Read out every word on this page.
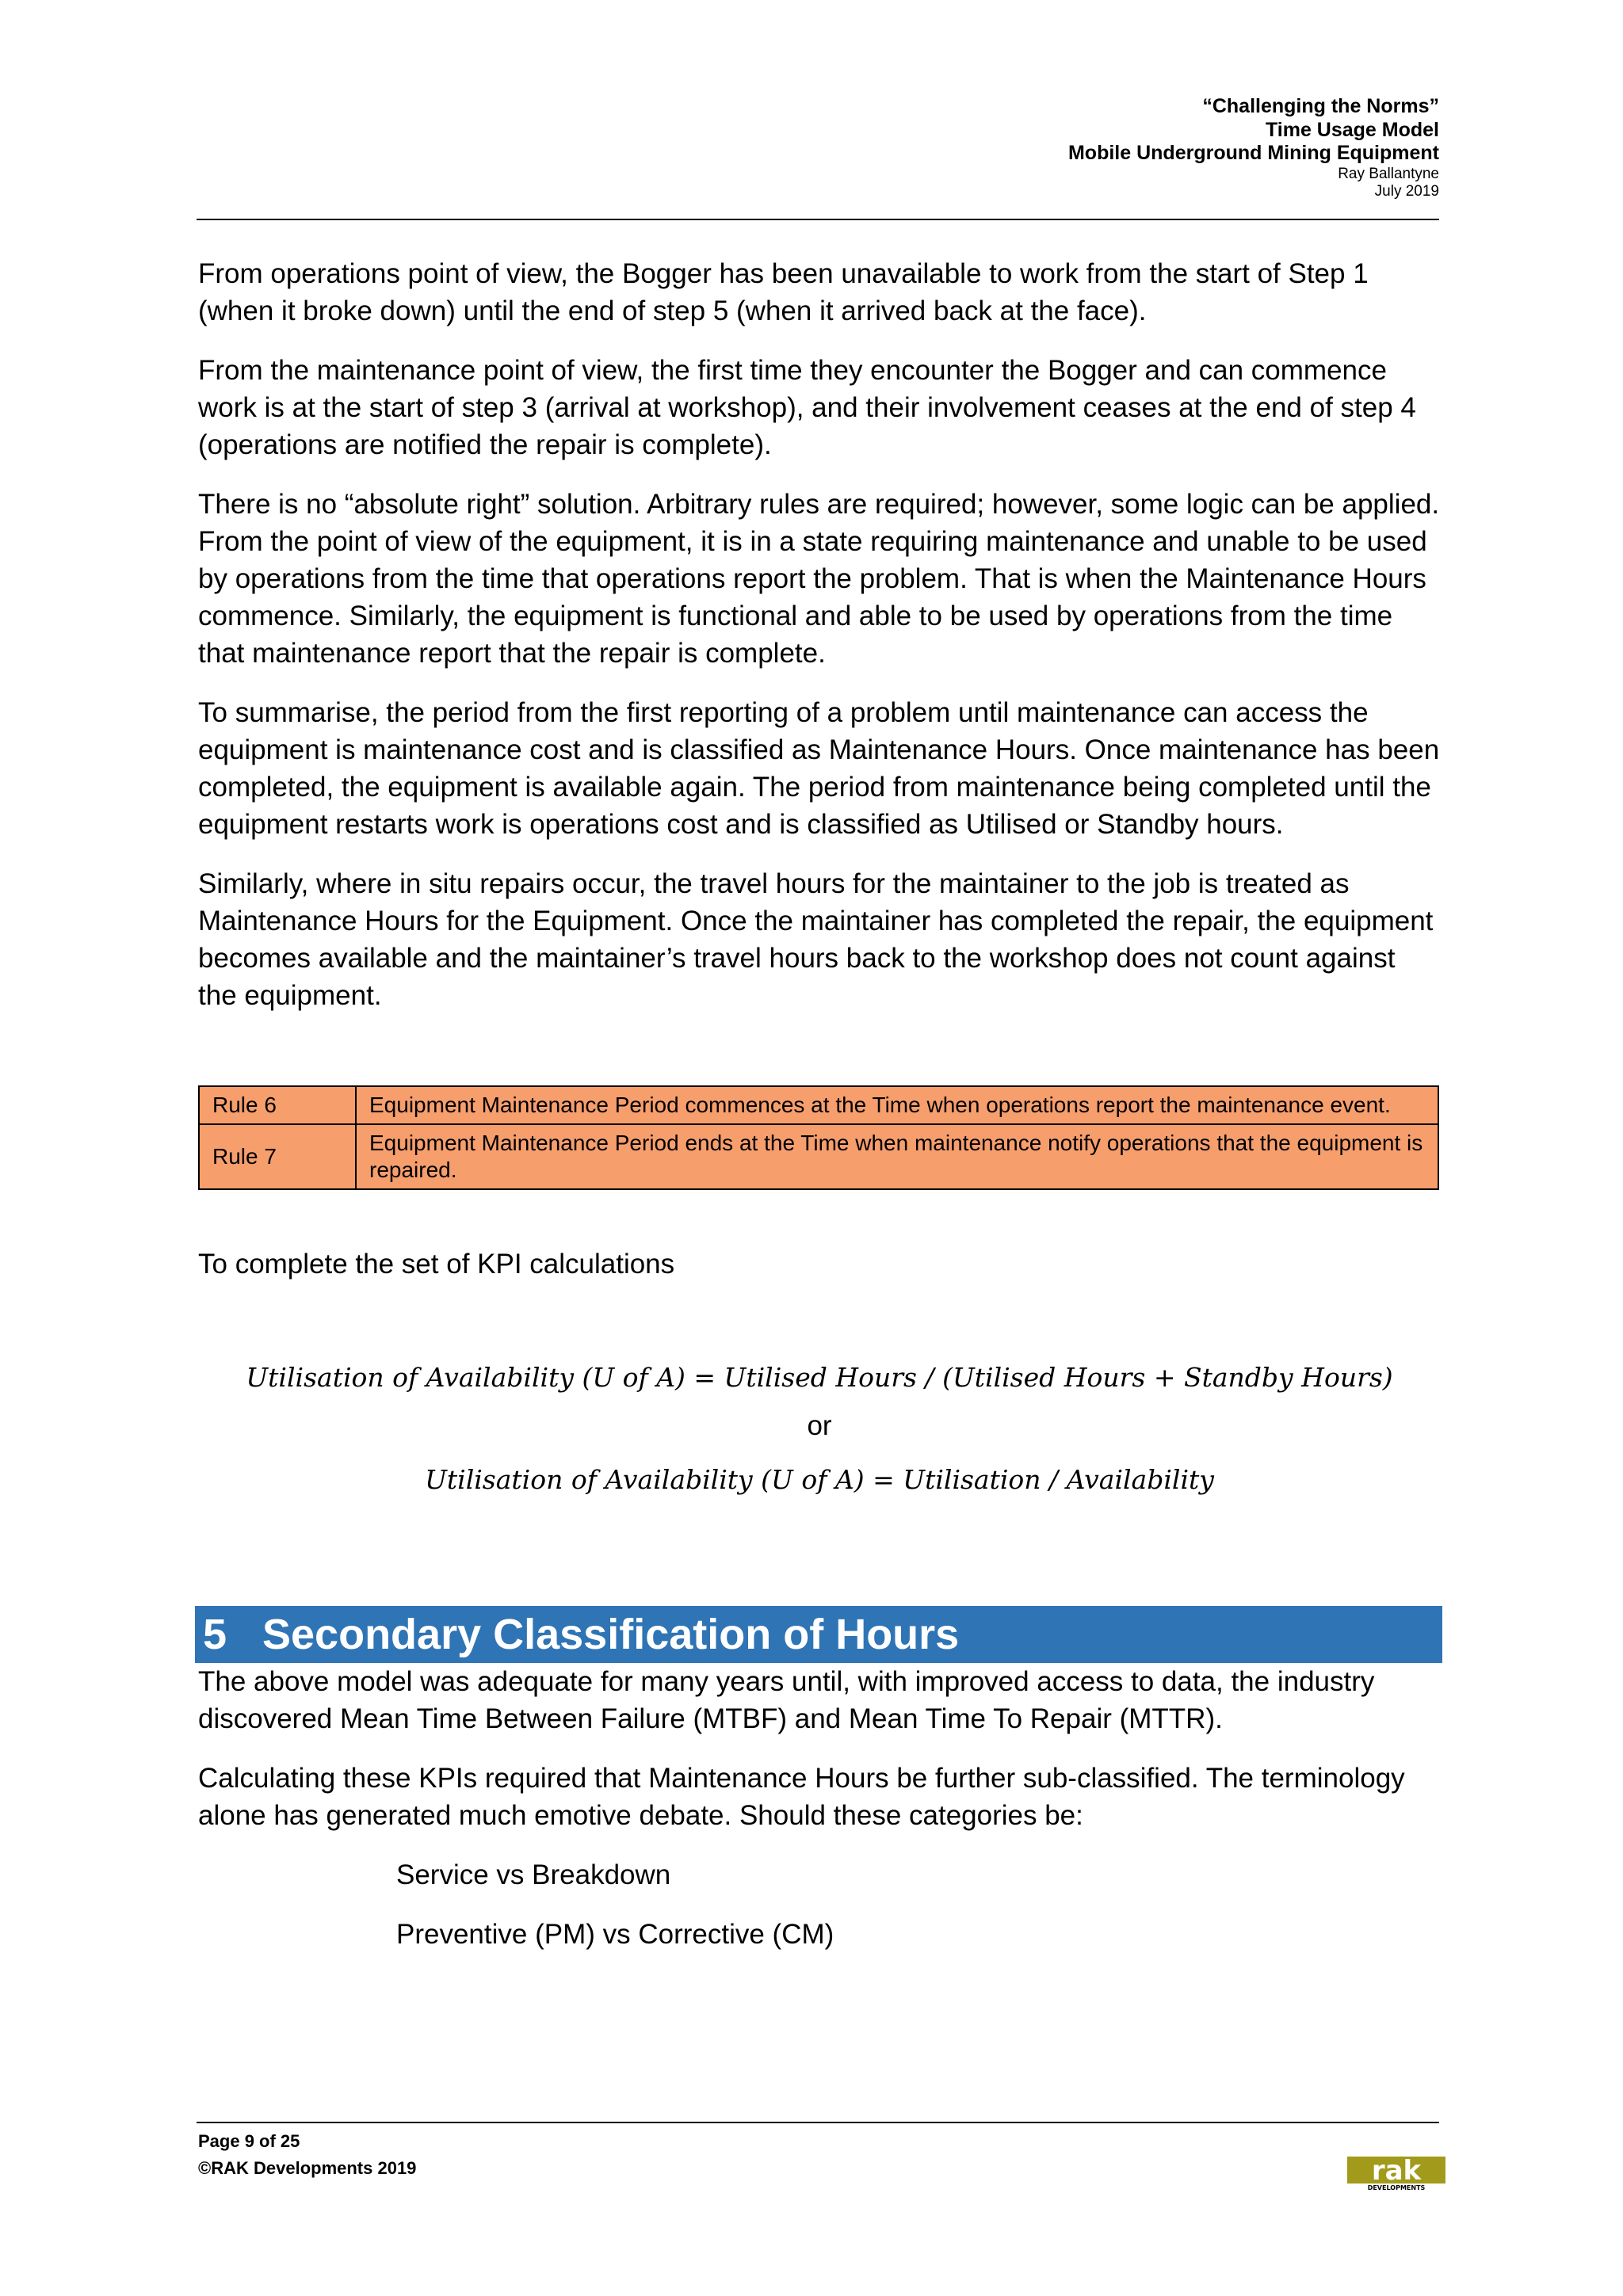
“Challenging the Norms”
Time Usage Model
Mobile Underground Mining Equipment
Ray Ballantyne
July 2019

From operations point of view, the Bogger has been unavailable to work from the start of Step 1 (when it broke down) until the end of step 5 (when it arrived back at the face).

From the maintenance point of view, the first time they encounter the Bogger and can commence work is at the start of step 3 (arrival at workshop), and their involvement ceases at the end of step 4 (operations are notified the repair is complete).

There is no “absolute right” solution. Arbitrary rules are required; however, some logic can be applied. From the point of view of the equipment, it is in a state requiring maintenance and unable to be used by operations from the time that operations report the problem. That is when the Maintenance Hours commence. Similarly, the equipment is functional and able to be used by operations from the time that maintenance report that the repair is complete.

To summarise, the period from the first reporting of a problem until maintenance can access the equipment is maintenance cost and is classified as Maintenance Hours. Once maintenance has been completed, the equipment is available again. The period from maintenance being completed until the equipment restarts work is operations cost and is classified as Utilised or Standby hours.

Similarly, where in situ repairs occur, the travel hours for the maintainer to the job is treated as Maintenance Hours for the Equipment. Once the maintainer has completed the repair, the equipment becomes available and the maintainer’s travel hours back to the workshop does not count against the equipment.

Rule 6	Equipment Maintenance Period commences at the Time when operations report the maintenance event.
Rule 7	Equipment Maintenance Period ends at the Time when maintenance notify operations that the equipment is repaired.

To complete the set of KPI calculations

Utilisation of Availability (U of A) = Utilised Hours / (Utilised Hours + Standby Hours)
or
Utilisation of Availability (U of A) = Utilisation / Availability
5 Secondary Classification of Hours

The above model was adequate for many years until, with improved access to data, the industry discovered Mean Time Between Failure (MTBF) and Mean Time To Repair (MTTR).

Calculating these KPIs required that Maintenance Hours be further sub-classified. The terminology alone has generated much emotive debate. Should these categories be:

Service vs Breakdown

Preventive (PM) vs Corrective (CM)

Page 9 of 25
©RAK Developments 2019	rak
DEVELOPMENTS
